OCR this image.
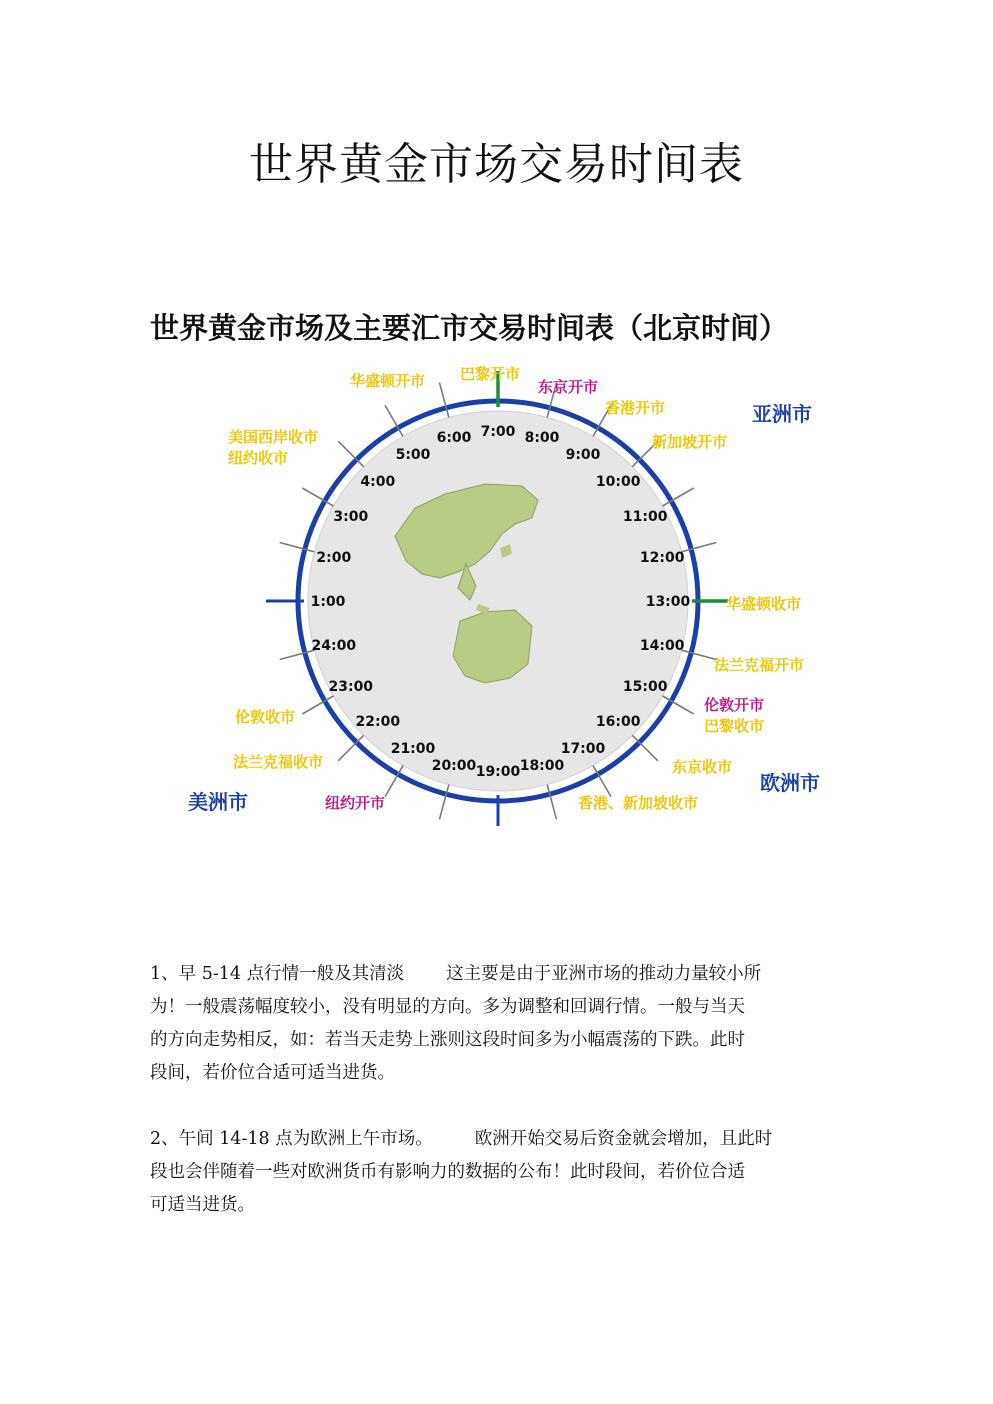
世界黄金市场交易时间表
世界黄金市场及主要汇市交易时间表（北京时间）
6:00 7:00 8:00
9:00
10:00
11:00
12:00
13:00
14:00
15:00
16:00
17:00
18:00
19:00
20:00
21:00
22:00
23:00
24:00
1:00
2:00
3:00
4:00
5:00
华盛顿开市 巴黎开市
东京开市
香港开市
新加坡开市
美国西岸收市
纽约收市
华盛顿收市
法兰克福开市
伦敦开市
巴黎收市
东京收市
香港、新加坡收市
纽约开市
法兰克福收市
伦敦收市
亚洲市
欧洲市
美洲市

1、早 5-14 点行情一般及其清淡 这主要是由于亚洲市场的推动力量较小所
为！一般震荡幅度较小，没有明显的方向。多为调整和回调行情。一般与当天
的方向走势相反，如：若当天走势上涨则这段时间多为小幅震荡的下跌。此时
段间，若价位合适可适当进货。

2、午间 14-18 点为欧洲上午市场。 欧洲开始交易后资金就会增加，且此时
段也会伴随着一些对欧洲货币有影响力的数据的公布！此时段间，若价位合适
可适当进货。
